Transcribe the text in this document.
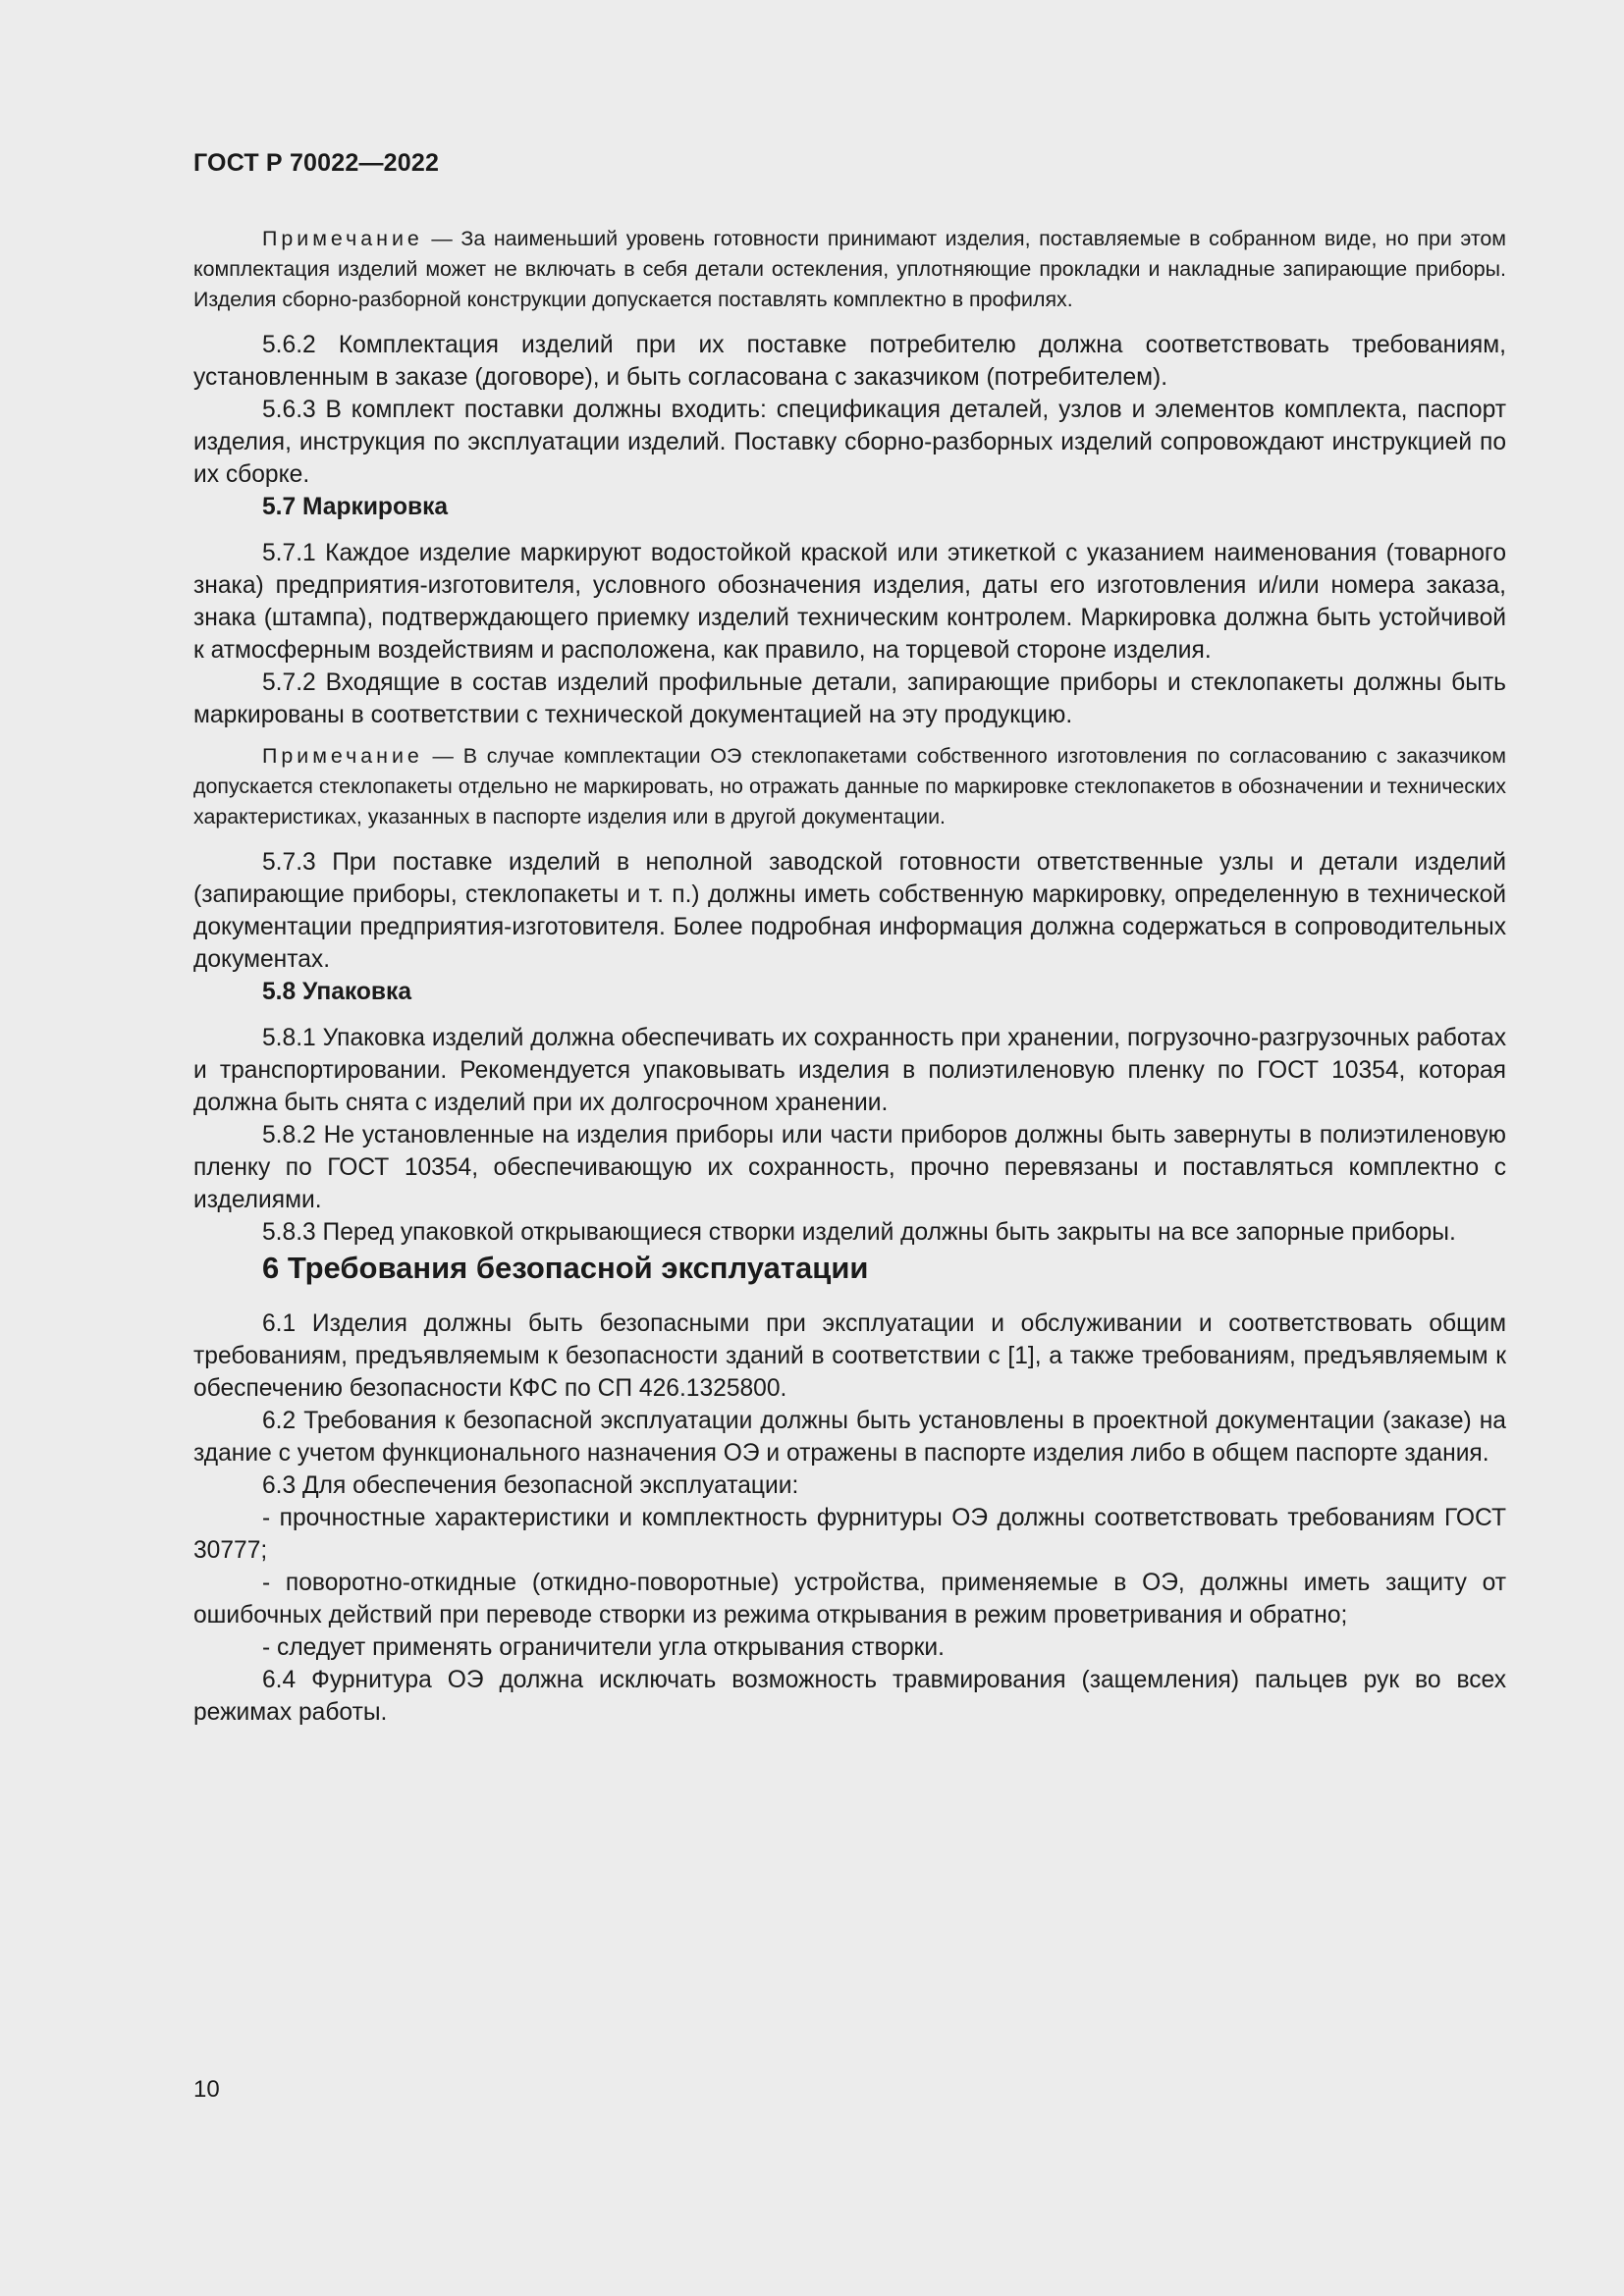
ГОСТ Р 70022—2022

Примечание — За наименьший уровень готовности принимают изделия, поставляемые в собранном виде, но при этом комплектация изделий может не включать в себя детали остекления, уплотняющие прокладки и накладные запирающие приборы. Изделия сборно-разборной конструкции допускается поставлять комплектно в профилях.

5.6.2 Комплектация изделий при их поставке потребителю должна соответствовать требованиям, установленным в заказе (договоре), и быть согласована с заказчиком (потребителем).

5.6.3 В комплект поставки должны входить: спецификация деталей, узлов и элементов комплекта, паспорт изделия, инструкция по эксплуатации изделий. Поставку сборно-разборных изделий сопровождают инструкцией по их сборке.

5.7 Маркировка

5.7.1 Каждое изделие маркируют водостойкой краской или этикеткой с указанием наименования (товарного знака) предприятия-изготовителя, условного обозначения изделия, даты его изготовления и/или номера заказа, знака (штампа), подтверждающего приемку изделий техническим контролем. Маркировка должна быть устойчивой к атмосферным воздействиям и расположена, как правило, на торцевой стороне изделия.

5.7.2 Входящие в состав изделий профильные детали, запирающие приборы и стеклопакеты должны быть маркированы в соответствии с технической документацией на эту продукцию.

Примечание — В случае комплектации ОЭ стеклопакетами собственного изготовления по согласованию с заказчиком допускается стеклопакеты отдельно не маркировать, но отражать данные по маркировке стеклопакетов в обозначении и технических характеристиках, указанных в паспорте изделия или в другой документации.

5.7.3 При поставке изделий в неполной заводской готовности ответственные узлы и детали изделий (запирающие приборы, стеклопакеты и т. п.) должны иметь собственную маркировку, определенную в технической документации предприятия-изготовителя. Более подробная информация должна содержаться в сопроводительных документах.

5.8 Упаковка

5.8.1 Упаковка изделий должна обеспечивать их сохранность при хранении, погрузочно-разгрузочных работах и транспортировании. Рекомендуется упаковывать изделия в полиэтиленовую пленку по ГОСТ 10354, которая должна быть снята с изделий при их долгосрочном хранении.

5.8.2 Не установленные на изделия приборы или части приборов должны быть завернуты в полиэтиленовую пленку по ГОСТ 10354, обеспечивающую их сохранность, прочно перевязаны и поставляться комплектно с изделиями.

5.8.3 Перед упаковкой открывающиеся створки изделий должны быть закрыты на все запорные приборы.

6 Требования безопасной эксплуатации

6.1 Изделия должны быть безопасными при эксплуатации и обслуживании и соответствовать общим требованиям, предъявляемым к безопасности зданий в соответствии с [1], а также требованиям, предъявляемым к обеспечению безопасности КФС по СП 426.1325800.

6.2 Требования к безопасной эксплуатации должны быть установлены в проектной документации (заказе) на здание с учетом функционального назначения ОЭ и отражены в паспорте изделия либо в общем паспорте здания.

6.3 Для обеспечения безопасной эксплуатации:

- прочностные характеристики и комплектность фурнитуры ОЭ должны соответствовать требованиям ГОСТ 30777;

- поворотно-откидные (откидно-поворотные) устройства, применяемые в ОЭ, должны иметь защиту от ошибочных действий при переводе створки из режима открывания в режим проветривания и обратно;

- следует применять ограничители угла открывания створки.

6.4 Фурнитура ОЭ должна исключать возможность травмирования (защемления) пальцев рук во всех режимах работы.

10
